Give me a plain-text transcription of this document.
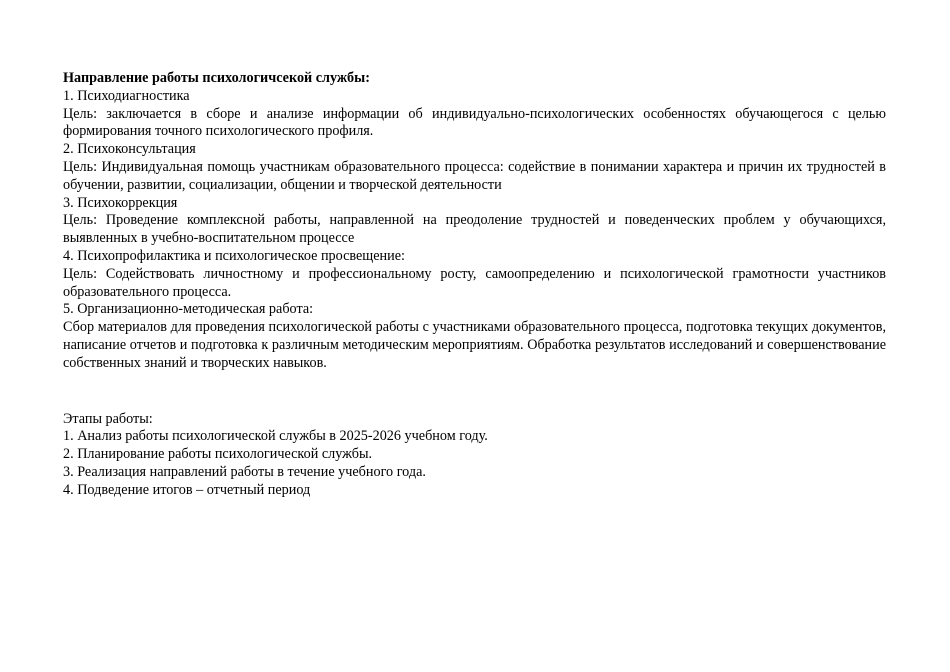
Направление работы психологичсекой службы:
1. Психодиагностика
Цель: заключается в сборе и анализе информации об индивидуально-психологических особенностях обучающегося с целью формирования точного психологического профиля.
2. Психоконсультация
Цель: Индивидуальная помощь участникам образовательного процесса: содействие в понимании характера и причин их трудностей в обучении, развитии, социализации, общении и творческой деятельности
3. Психокоррекция
Цель: Проведение комплексной работы, направленной на преодоление трудностей и поведенческих проблем у обучающихся, выявленных в учебно-воспитательном процессе
4. Психопрофилактика и психологическое просвещение:
Цель: Содействовать личностному и профессиональному росту, самоопределению и психологической грамотности участников образовательного процесса.
5. Организационно-методическая работа:
Сбор материалов для проведения психологической работы с участниками образовательного процесса, подготовка текущих документов, написание отчетов и подготовка к различным методическим мероприятиям. Обработка результатов исследований и совершенствование собственных знаний и творческих навыков.
Этапы работы:
1. Анализ работы психологической службы в 2025-2026 учебном году.
2. Планирование работы психологической службы.
3. Реализация направлений работы в течение учебного года.
4. Подведение итогов – отчетный период
